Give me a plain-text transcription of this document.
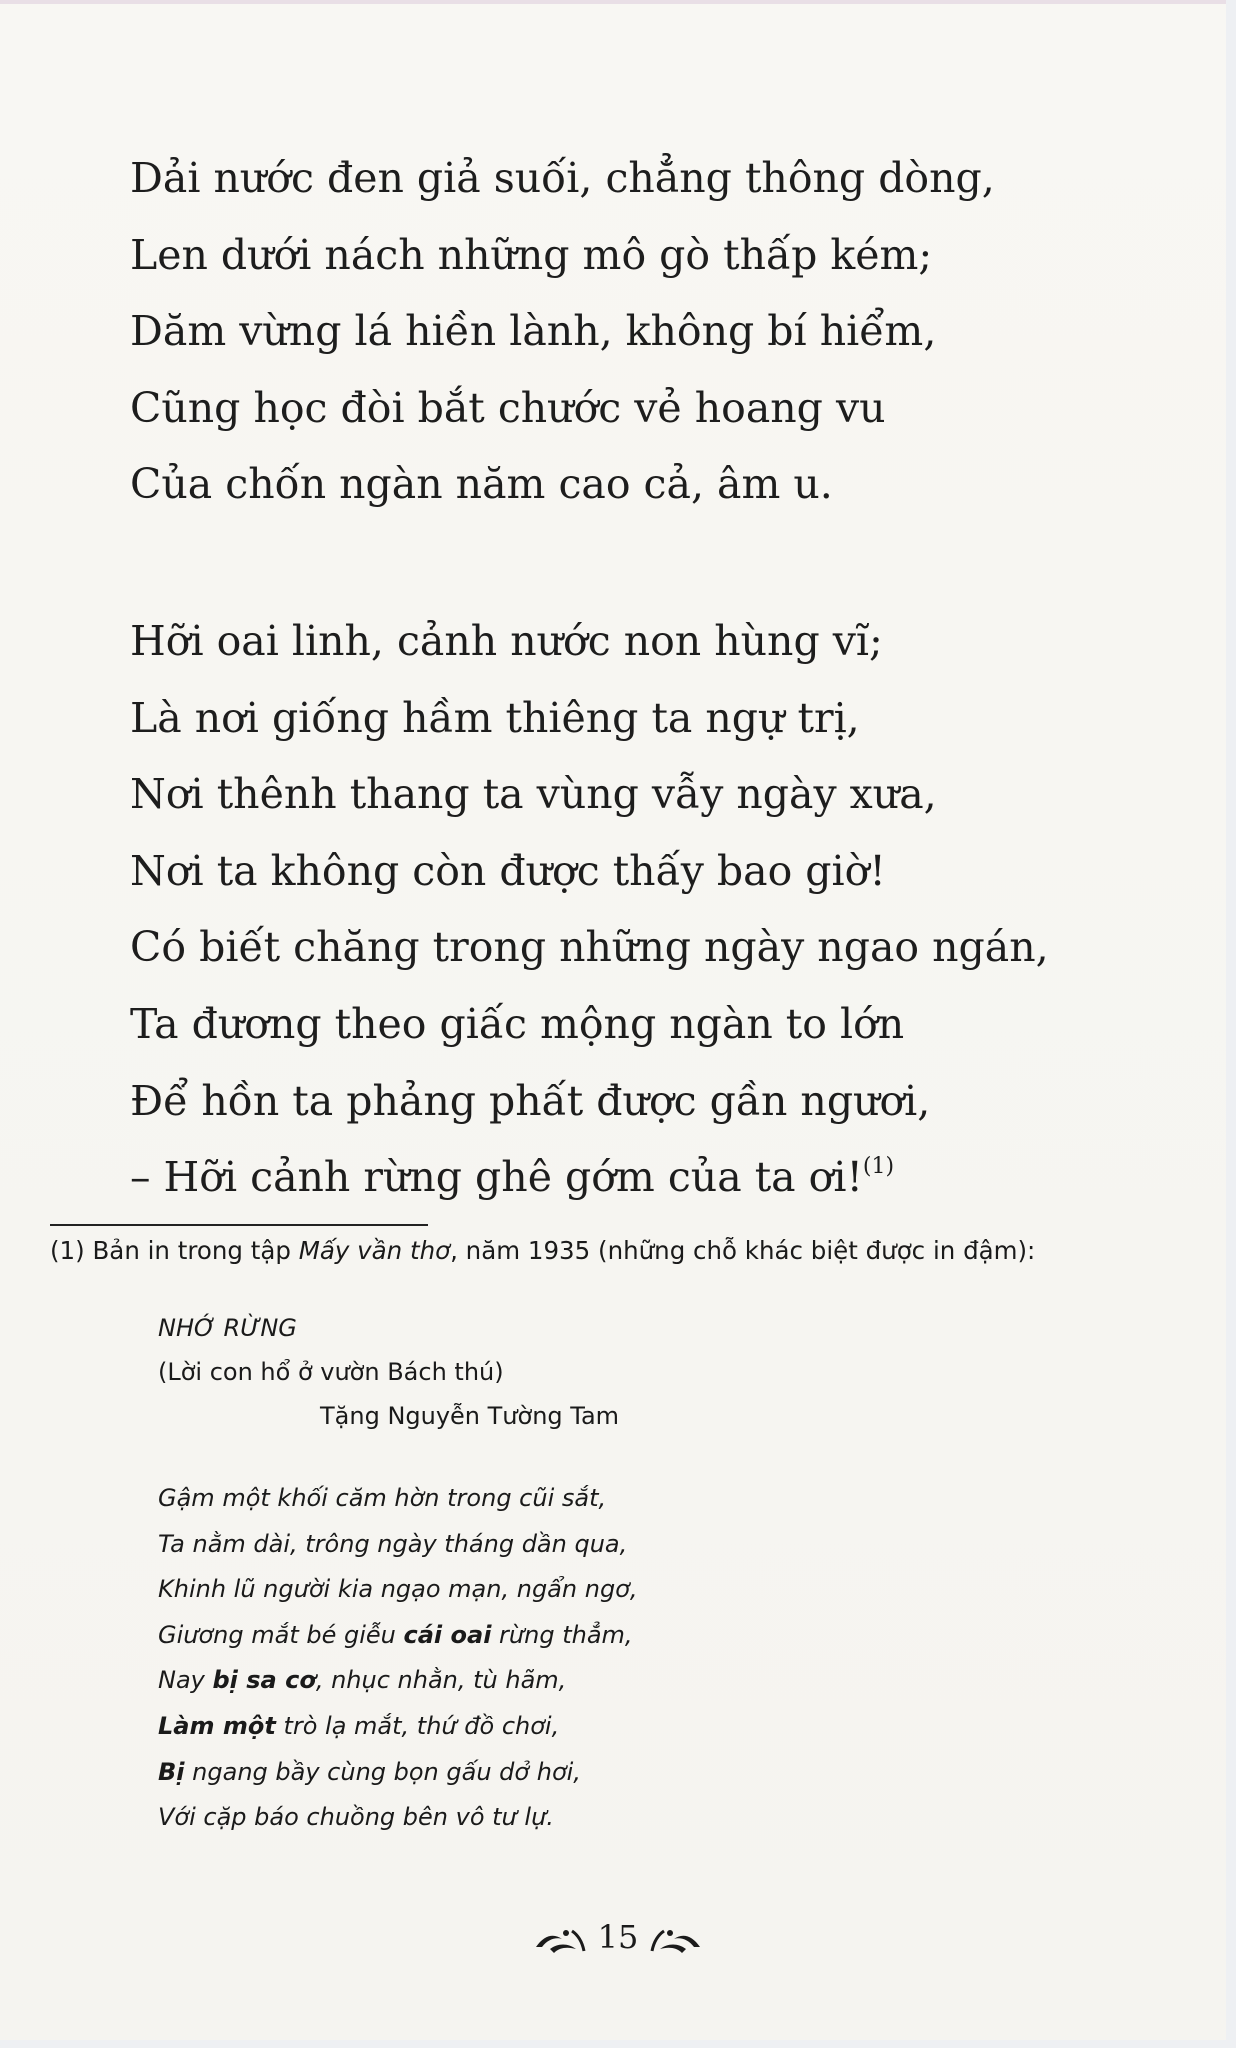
Dải nước đen giả suối, chẳng thông dòng,
Len dưới nách những mô gò thấp kém;
Dăm vừng lá hiền lành, không bí hiểm,
Cũng học đòi bắt chước vẻ hoang vu
Của chốn ngàn năm cao cả, âm u.
Hỡi oai linh, cảnh nước non hùng vĩ;
Là nơi giống hầm thiêng ta ngự trị,
Nơi thênh thang ta vùng vẫy ngày xưa,
Nơi ta không còn được thấy bao giờ!
Có biết chăng trong những ngày ngao ngán,
Ta đương theo giấc mộng ngàn to lớn
Để hồn ta phảng phất được gần ngươi,
– Hỡi cảnh rừng ghê gớm của ta ơi!$^{(1)}$
(1) Bản in trong tập Mấy vần thơ, năm 1935 (những chỗ khác biệt được in đậm):

NHỚ RỪNG

(Lời con hổ ở vườn Bách thú)

Tặng Nguyễn Tường Tam

Gậm một khối căm hờn trong cũi sắt,
Ta nằm dài, trông ngày tháng dần qua,
Khinh lũ người kia ngạo mạn, ngẩn ngơ,
Giương mắt bé giễu cái oai rừng thẳm,
Nay bị sa cơ, nhục nhằn, tù hãm,
Làm một trò lạ mắt, thứ đồ chơi,
Bị ngang bầy cùng bọn gấu dở hơi,
Với cặp báo chuồng bên vô tư lự.
15
